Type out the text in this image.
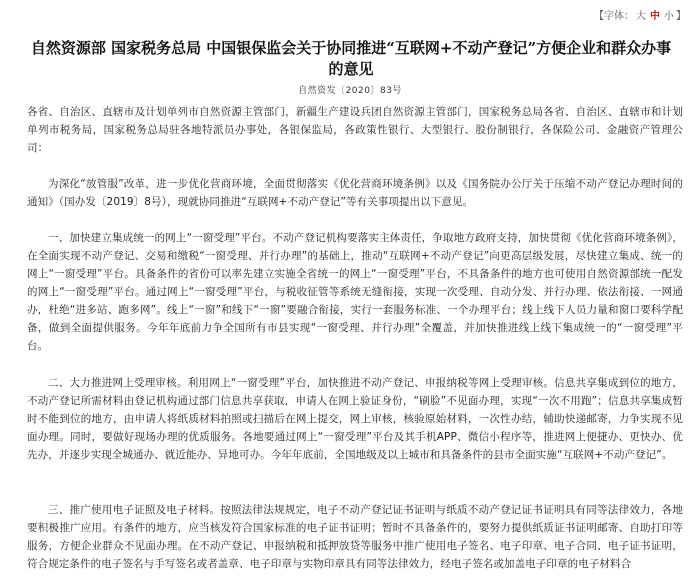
【字体： 大 中 小 】
自然资源部 国家税务总局 中国银保监会关于协同推进“互联网+不动产登记”方便企业和群众办事的意见
自然资发〔2020〕83号

各省、自治区、直辖市及计划单列市自然资源主管部门，新疆生产建设兵团自然资源主管部门，国家税务总局各省、自治区、直辖市和计划单列市税务局，国家税务总局驻各地特派员办事处，各银保监局，各政策性银行、大型银行、股份制银行，各保险公司、金融资产管理公司：

为深化“放管服”改革，进一步优化营商环境，全面贯彻落实《优化营商环境条例》以及《国务院办公厅关于压缩不动产登记办理时间的通知》（国办发〔2019〕8号），现就协同推进“互联网+不动产登记”等有关事项提出以下意见。

一、加快建立集成统一的网上“一窗受理”平台。不动产登记机构要落实主体责任，争取地方政府支持，加快贯彻《优化营商环境条例》，在全面实现不动产登记、交易和缴税“一窗受理、并行办理”的基础上，推动“互联网+不动产登记”向更高层级发展，尽快建立集成、统一的网上“一窗受理”平台。具备条件的省份可以率先建立实施全省统一的网上“一窗受理”平台，不具备条件的地方也可使用自然资源部统一配发的网上“一窗受理”平台。通过网上“一窗受理”平台，与税收征管等系统无缝衔接，实现一次受理、自动分发、并行办理、依法衔接、一网通办，杜绝“进多站、跑多网”。线上“一窗”和线下“一窗”要融合衔接，实行一套服务标准、一个办理平台；线上线下人员力量和窗口要科学配备，做到全面提供服务。今年年底前力争全国所有市县实现“一窗受理、并行办理”全覆盖，并加快推进线上线下集成统一的“一窗受理”平台。

二、大力推进网上受理审核。利用网上“一窗受理”平台，加快推进不动产登记、申报纳税等网上受理审核。信息共享集成到位的地方，不动产登记所需材料由登记机构通过部门信息共享获取，申请人在网上验证身份，“刷脸”不见面办理，实现“一次不用跑”；信息共享集成暂时不能到位的地方，由申请人将纸质材料拍照或扫描后在网上提交，网上审核，核验原始材料，一次性办结，辅助快递邮寄，力争实现不见面办理。同时，要做好现场办理的优质服务。各地要通过网上“一窗受理”平台及其手机APP、微信小程序等，推进网上便捷办、更快办、优先办，并逐步实现全城通办、就近能办、异地可办。今年年底前，全国地级及以上城市和具备条件的县市全面实施“互联网+不动产登记”。

三、推广使用电子证照及电子材料。按照法律法规规定，电子不动产登记证书证明与纸质不动产登记证书证明具有同等法律效力，各地要积极推广应用。有条件的地方，应当核发符合国家标准的电子证书证明；暂时不具备条件的，要努力提供纸质证书证明邮寄、自助打印等服务，方便企业群众不见面办理。在不动产登记、申报纳税和抵押放贷等服务中推广使用电子签名、电子印章、电子合同、电子证书证明，符合规定条件的电子签名与手写签名或者盖章、电子印章与实物印章具有同等法律效力，经电子签名或加盖电子印章的电子材料合
